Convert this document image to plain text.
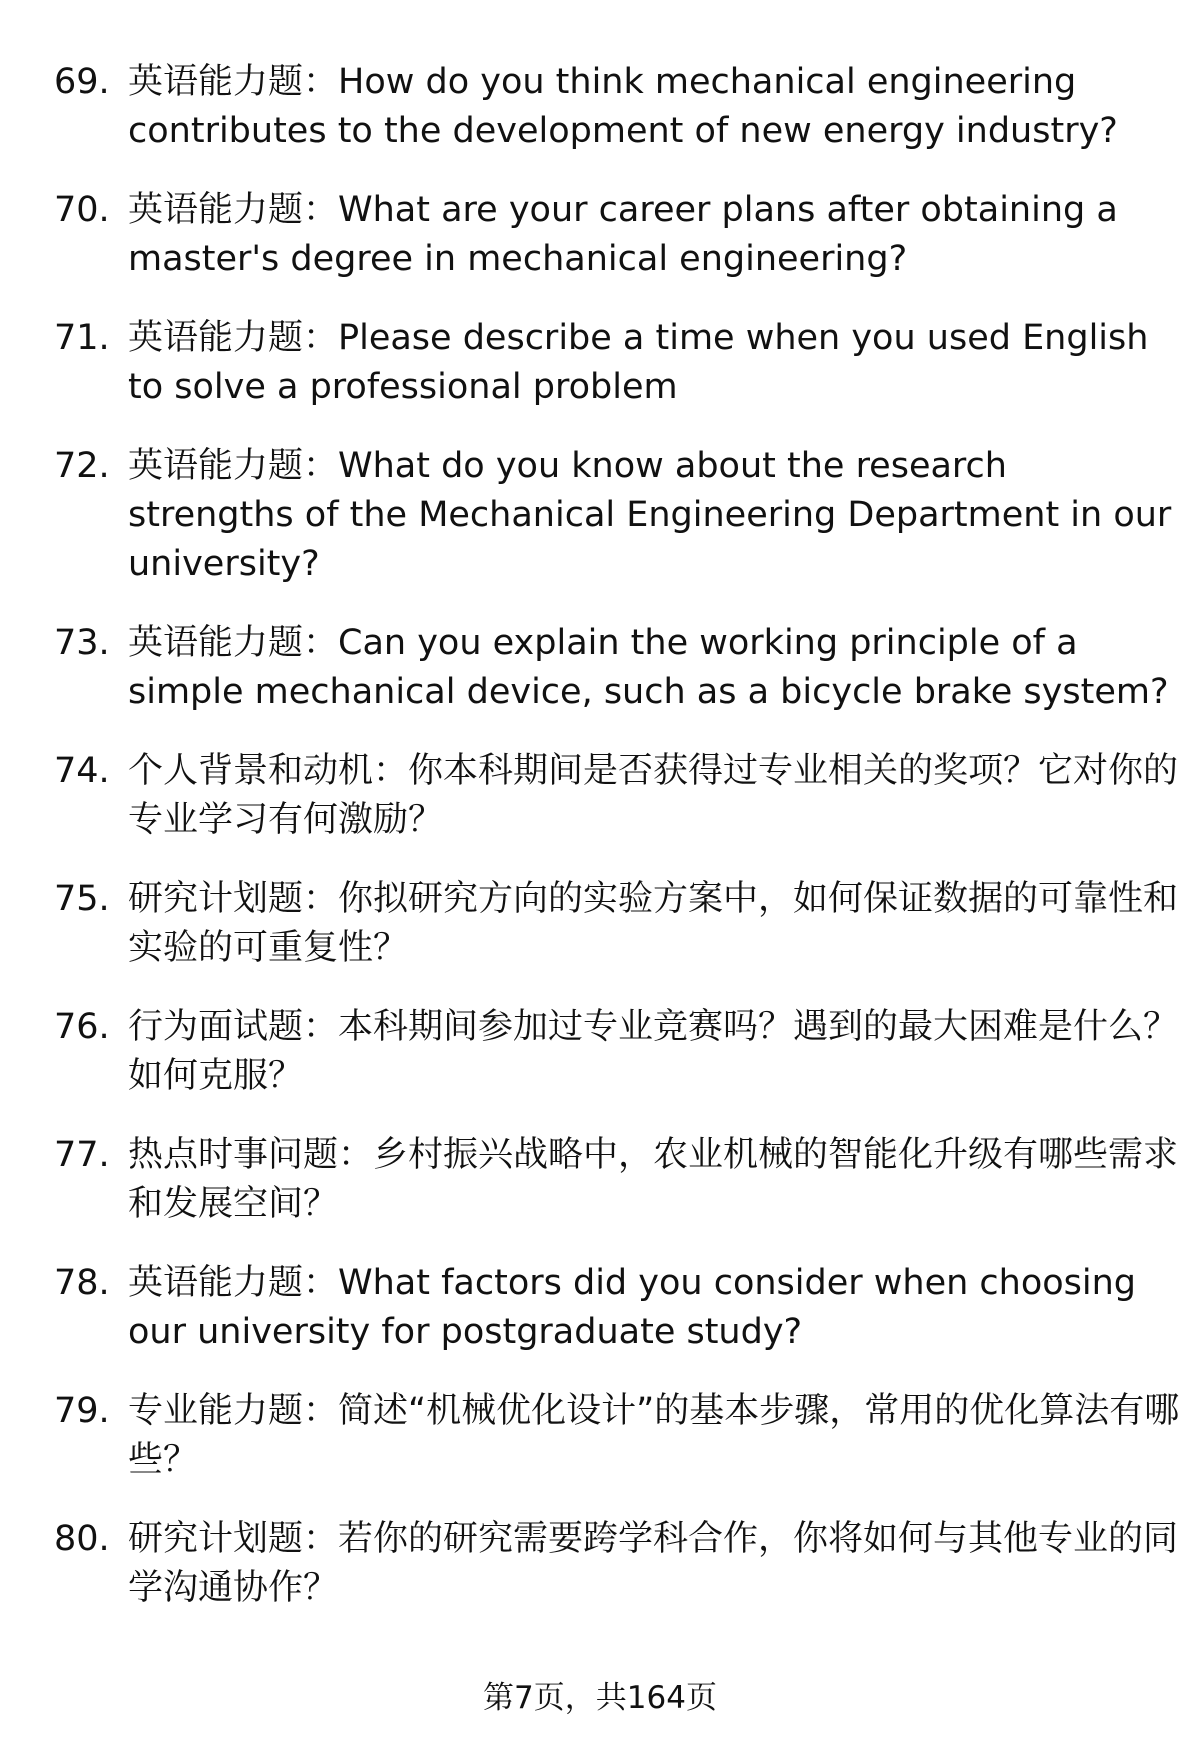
69. 英语能力题：How do you think mechanical engineering contributes to the development of new energy industry?
70. 英语能力题：What are your career plans after obtaining a master's degree in mechanical engineering?
71. 英语能力题：Please describe a time when you used English to solve a professional problem
72. 英语能力题：What do you know about the research strengths of the Mechanical Engineering Department in our university?
73. 英语能力题：Can you explain the working principle of a simple mechanical device, such as a bicycle brake system?
74. 个人背景和动机：你本科期间是否获得过专业相关的奖项？它对你的专业学习有何激励？
75. 研究计划题：你拟研究方向的实验方案中，如何保证数据的可靠性和实验的可重复性？
76. 行为面试题：本科期间参加过专业竞赛吗？遇到的最大困难是什么？如何克服？
77. 热点时事问题：乡村振兴战略中，农业机械的智能化升级有哪些需求和发展空间？
78. 英语能力题：What factors did you consider when choosing our university for postgraduate study?
79. 专业能力题：简述“机械优化设计”的基本步骤，常用的优化算法有哪些？
80. 研究计划题：若你的研究需要跨学科合作，你将如何与其他专业的同学沟通协作？
第7页，共164页
